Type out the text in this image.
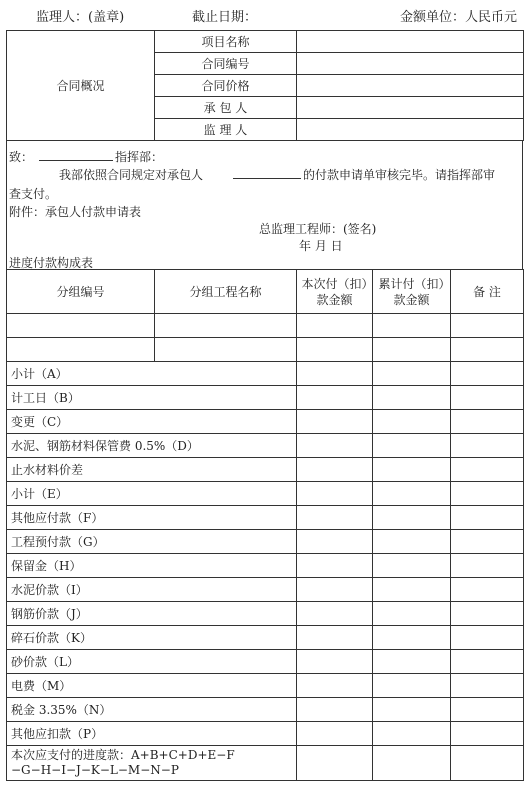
监理人：(盖章)	截止日期：	金额单位：人民币元
合同概况	项目名称	
	合同编号	
	合同价格	
	承 包 人	
	监 理 人	
致：	指挥部：
我部依照合同规定对承包人	的付款申请单审核完毕。请指挥部审
查支付。
附件：承包人付款申请表
总监理工程师：(签名)
年 月 日
进度付款构成表
分组编号	分组工程名称	本次付（扣）款金额	累计付（扣）款金额	备 注

小计（A）				
计工日（B）				
变更（C）				
水泥、钢筋材料保管费 0.5%（D）				
止水材料价差				
小计（E）				
其他应付款（F）				
工程预付款（G）				
保留金（H）				
水泥价款（I）				
钢筋价款（J）				
碎石价款（K）				
砂价款（L）				
电费（M）				
税金 3.35%（N）				
其他应扣款（P）				

本次应支付的进度款：A+B+C+D+E−F
−G−H−I−J−K−L−M−N−P				
